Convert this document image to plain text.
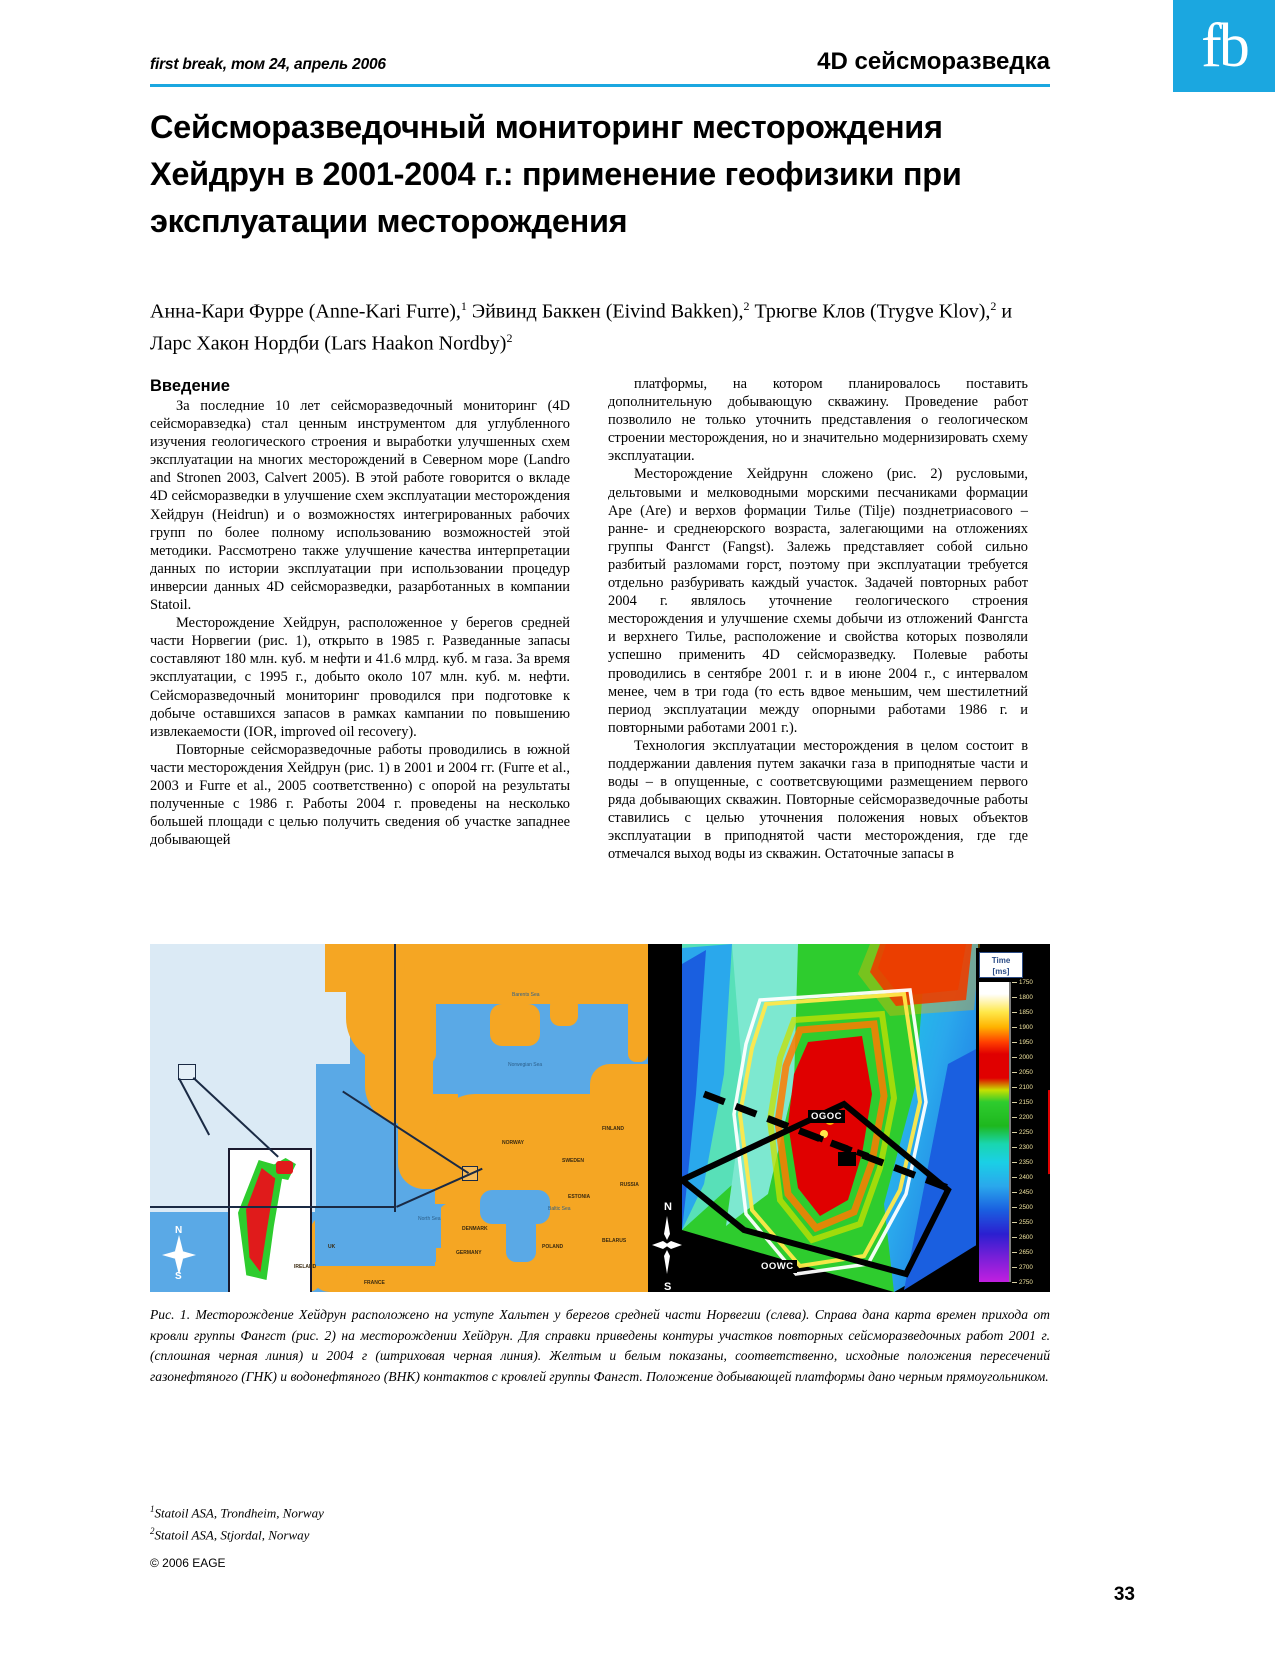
first break, том 24, апрель 2006	4D сейсморазведка	fb
Сейсморазведочный мониторинг месторождения Хейдрун в 2001-2004 г.: применение геофизики при эксплуатации месторождения
Анна-Кари Фурре (Anne-Kari Furre),$^1$ Эйвинд Баккен (Eivind Bakken),$^2$ Трюгве Клов (Trygve Klov),$^2$ и Ларс Хакон Нордби (Lars Haakon Nordby)$^2$
Введение

За последние 10 лет сейсморазведочный мониторинг (4D сейсморавзедка) стал ценным инструментом для углубленного изучения геологического строения и выработки улучшенных схем эксплуатации на многих месторождений в Северном море (Landro and Stronen 2003, Calvert 2005). В этой работе говорится о вкладе 4D сейсморазведки в улучшение схем эксплуатации месторождения Хейдрун (Heidrun) и о возможностях интегрированных рабочих групп по более полному использованию возможностей этой методики. Рассмотрено также улучшение качества интерпретации данных по истории эксплуатации при использовании процедур инверсии данных 4D сейсморазведки, разарботанных в компании Statoil.

Месторождение Хейдрун, расположенное у берегов средней части Норвегии (рис. 1), открыто в 1985 г. Разведанные запасы составляют 180 млн. куб. м нефти и 41.6 млрд. куб. м газа. За время эксплуатации, с 1995 г., добыто около 107 млн. куб. м. нефти. Сейсморазведочный мониторинг проводился при подготовке к добыче оставшихся запасов в рамках кампании по повышению извлекаемости (IOR, improved oil recovery).

Повторные сейсморазведочные работы проводились в южной части месторождения Хейдрун (рис. 1) в 2001 и 2004 гг. (Furre et al., 2003 и Furre et al., 2005 соответственно) с опорой на результаты полученные с 1986 г. Работы 2004 г. проведены на несколько большей площади с целью получить сведения об участке западнее добывающей

платформы, на котором планировалось поставить дополнительную добывающую скважину. Проведение работ позволило не только уточнить представления о геологическом строении месторождения, но и значительно модернизировать схему эксплуатации.

Месторождение Хейдрунн сложено (рис. 2) русловыми, дельтовыми и мелководными морскими песчаниками формации Аре (Are) и верхов формации Тилье (Tilje) позднетриасового – ранне- и среднеюрского возраста, залегающими на отложениях группы Фангст (Fangst). Залежь представляет собой сильно разбитый разломами горст, поэтому при эксплуатации требуется отдельно разбуривать каждый участок. Задачей повторных работ 2004 г. являлось уточнение геологического строения месторождения и улучшение схемы добычи из отложений Фангста и верхнего Тилье, расположение и свойства которых позволяли успешно применить 4D сейсморазведку. Полевые работы проводились в сентябре 2001 г. и в июне 2004 г., с интервалом менее, чем в три года (то есть вдвое меньшим, чем шестилетний период эксплуатации между опорными работами 1986 г. и повторными работами 2001 г.).

Технология эксплуатации месторождения в целом состоит в поддержании давления путем закачки газа в приподнятые части и воды – в опущенные, с соответсвующими размещением первого ряда добывающих скважин. Повторные сейсморазведочные работы ставились с целью уточнения положения новых объектов эксплуатации в приподнятой части месторождения, где где отмечался выход воды из скважин. Остаточные запасы в

N
S
NORWAY
SWEDEN
FINLAND
UK
IRELAND
DENMARK
GERMANY
POLAND
FRANCE
BELARUS
ESTONIA
RUSSIA
Norwegian Sea
Barents Sea
North Sea
Baltic Sea	N
S
OGOC
OOWC
Time
[ms]
1750
1800
1850
1900
1950
2000
2050
2100
2150
2200
2250
2300
2350
2400
2450
2500
2550
2600
2650
2700
2750
Рис. 1. Месторождение Хейдрун расположено на уступе Хальтен у берегов средней части Норвегии (слева). Справа дана карта времен прихода от кровли группы Фангст (рис. 2) на месторождении Хейдрун. Для справки приведены контуры участков повторных сейсморазведочных работ 2001 г. (сплошная черная линия) и 2004 г (штриховая черная линия). Желтым и белым показаны, соответственно, исходные положения пересечений газонефтяного (ГНК) и водонефтяного (ВНК) контактов с кровлей группы Фангст. Положение добывающей платформы дано черным прямоугольником.
$^1$Statoil ASA, Trondheim, Norway
$^2$Statoil ASA, Stjordal, Norway
© 2006 EAGE
33
